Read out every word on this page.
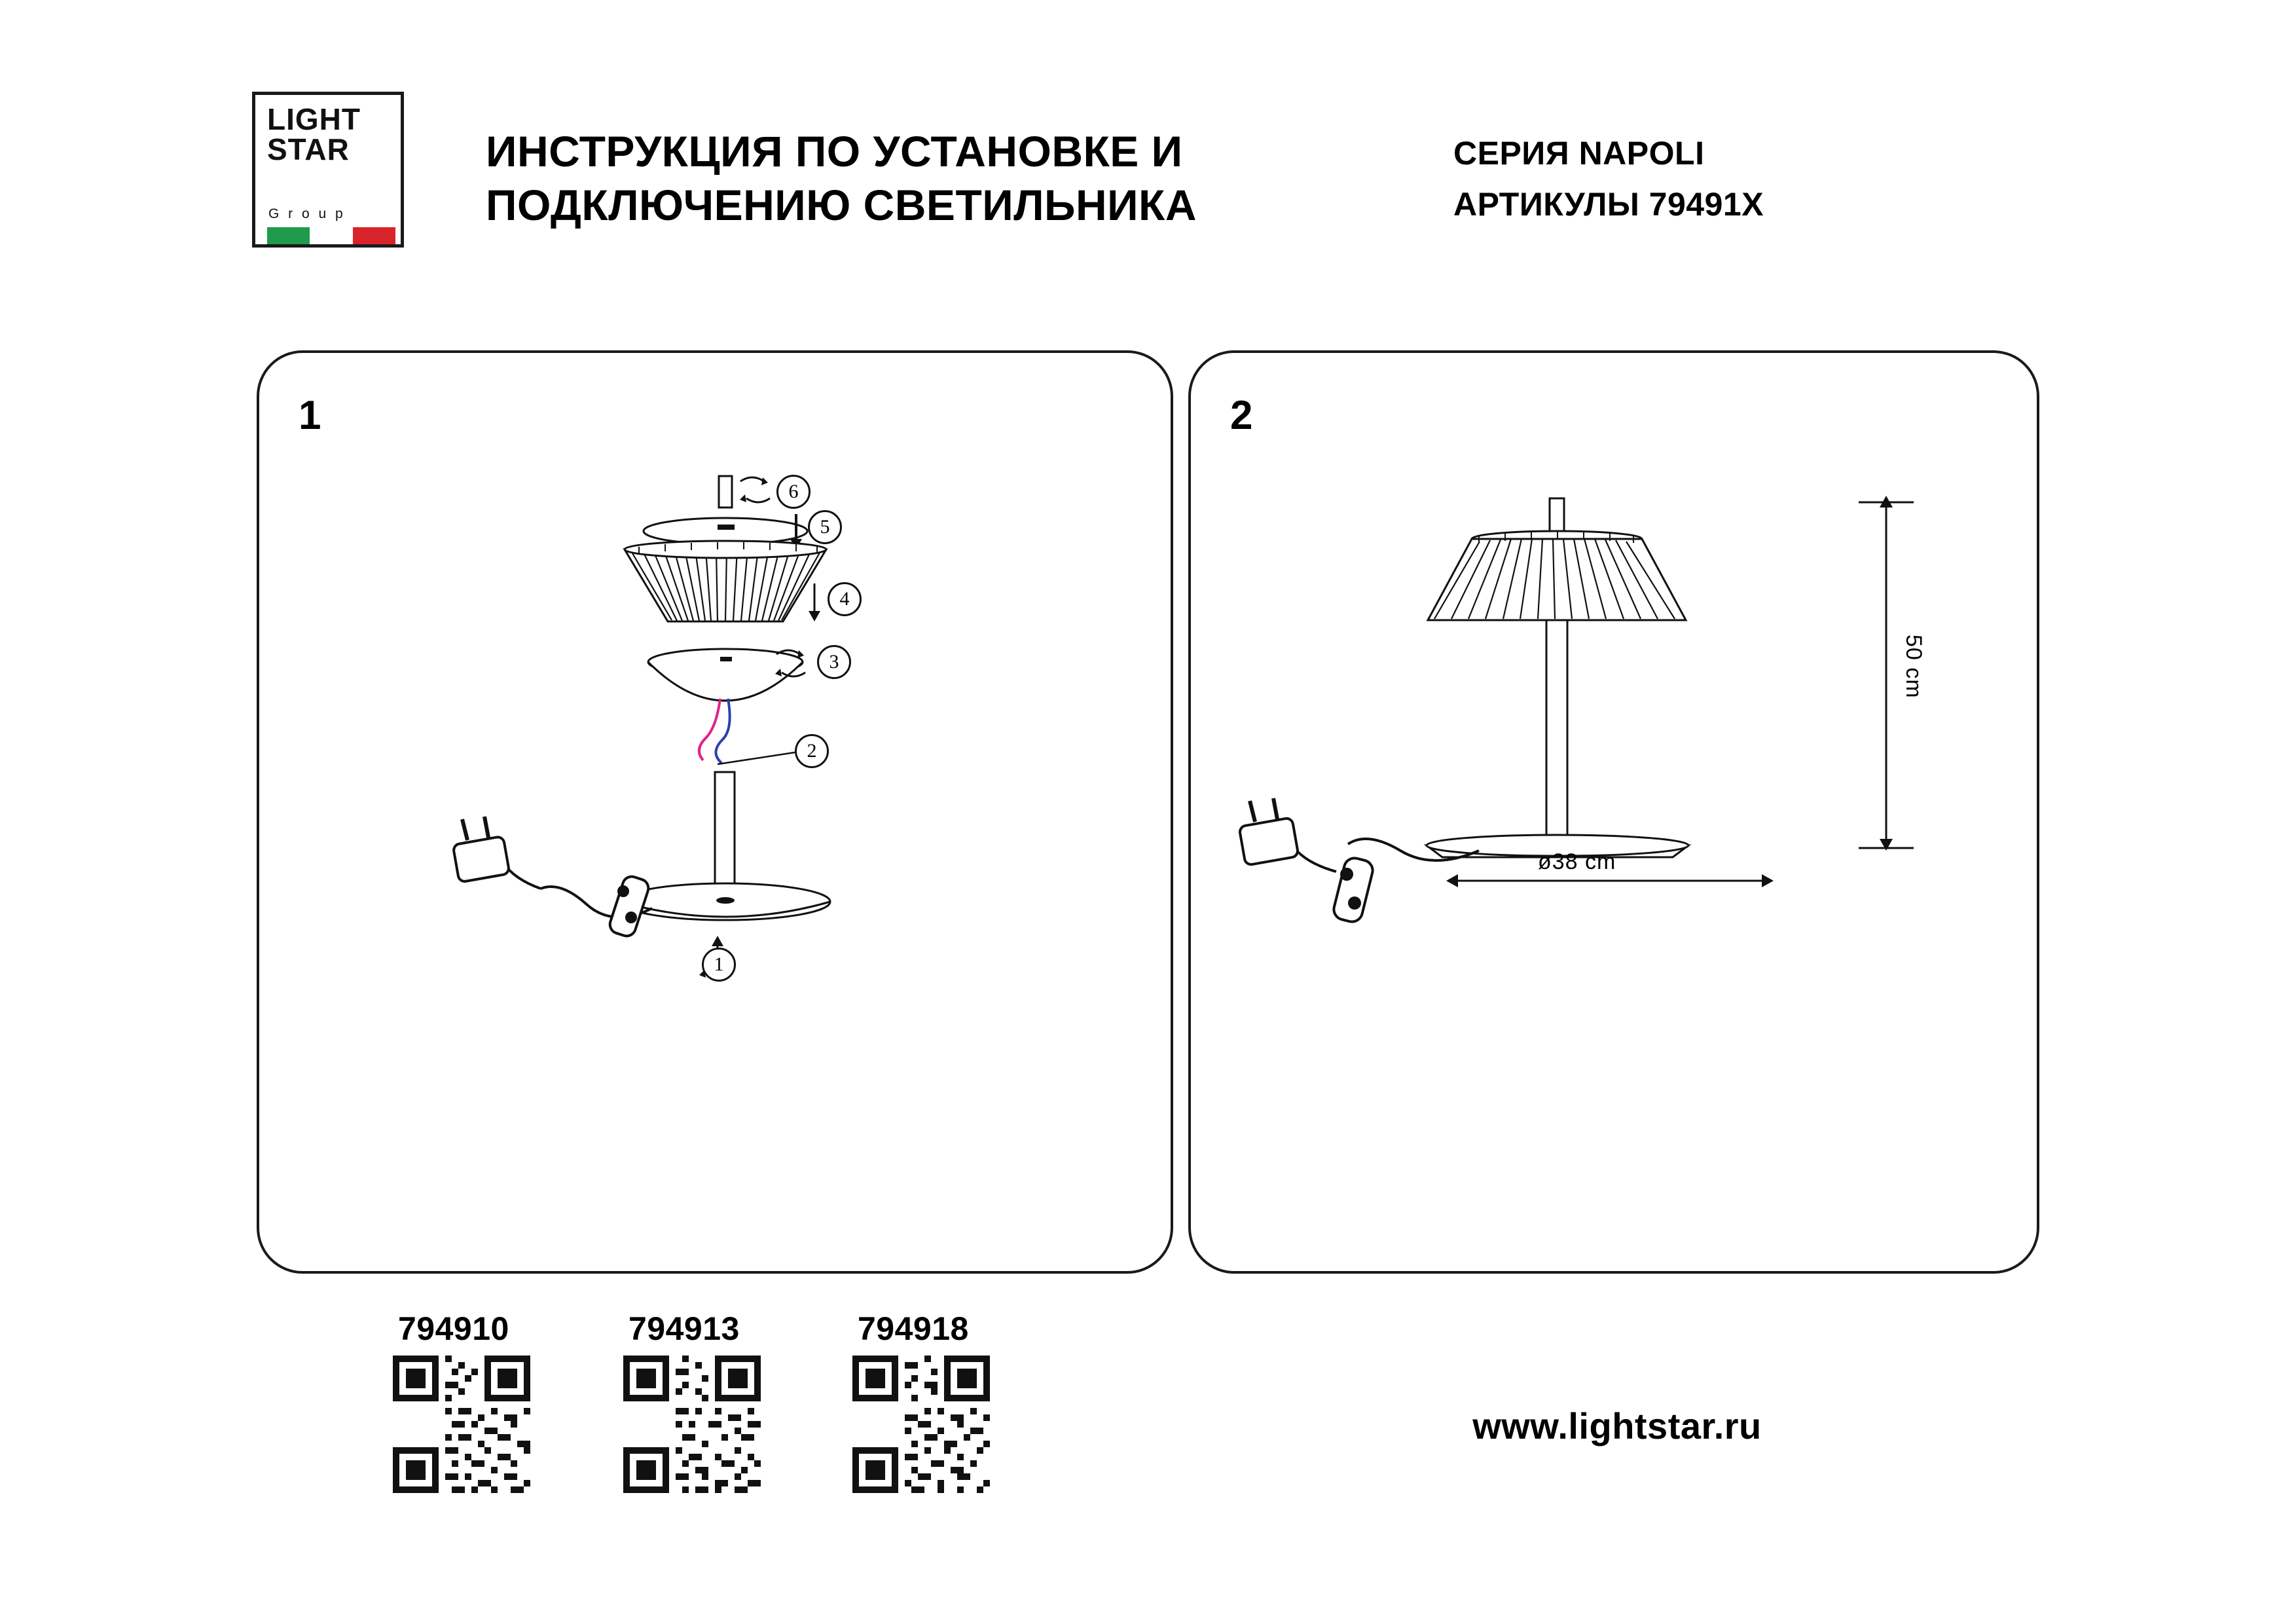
LIGHT
STAR
G r o u p
ИНСТРУКЦИЯ ПО УСТАНОВКЕ И ПОДКЛЮЧЕНИЮ СВЕТИЛЬНИКА
СЕРИЯ NAPOLI
АРТИКУЛЫ 79491X
1
6
5
4
3
2
1
2
50 cm
ø38 cm
794910	794913	794918
www.lightstar.ru
